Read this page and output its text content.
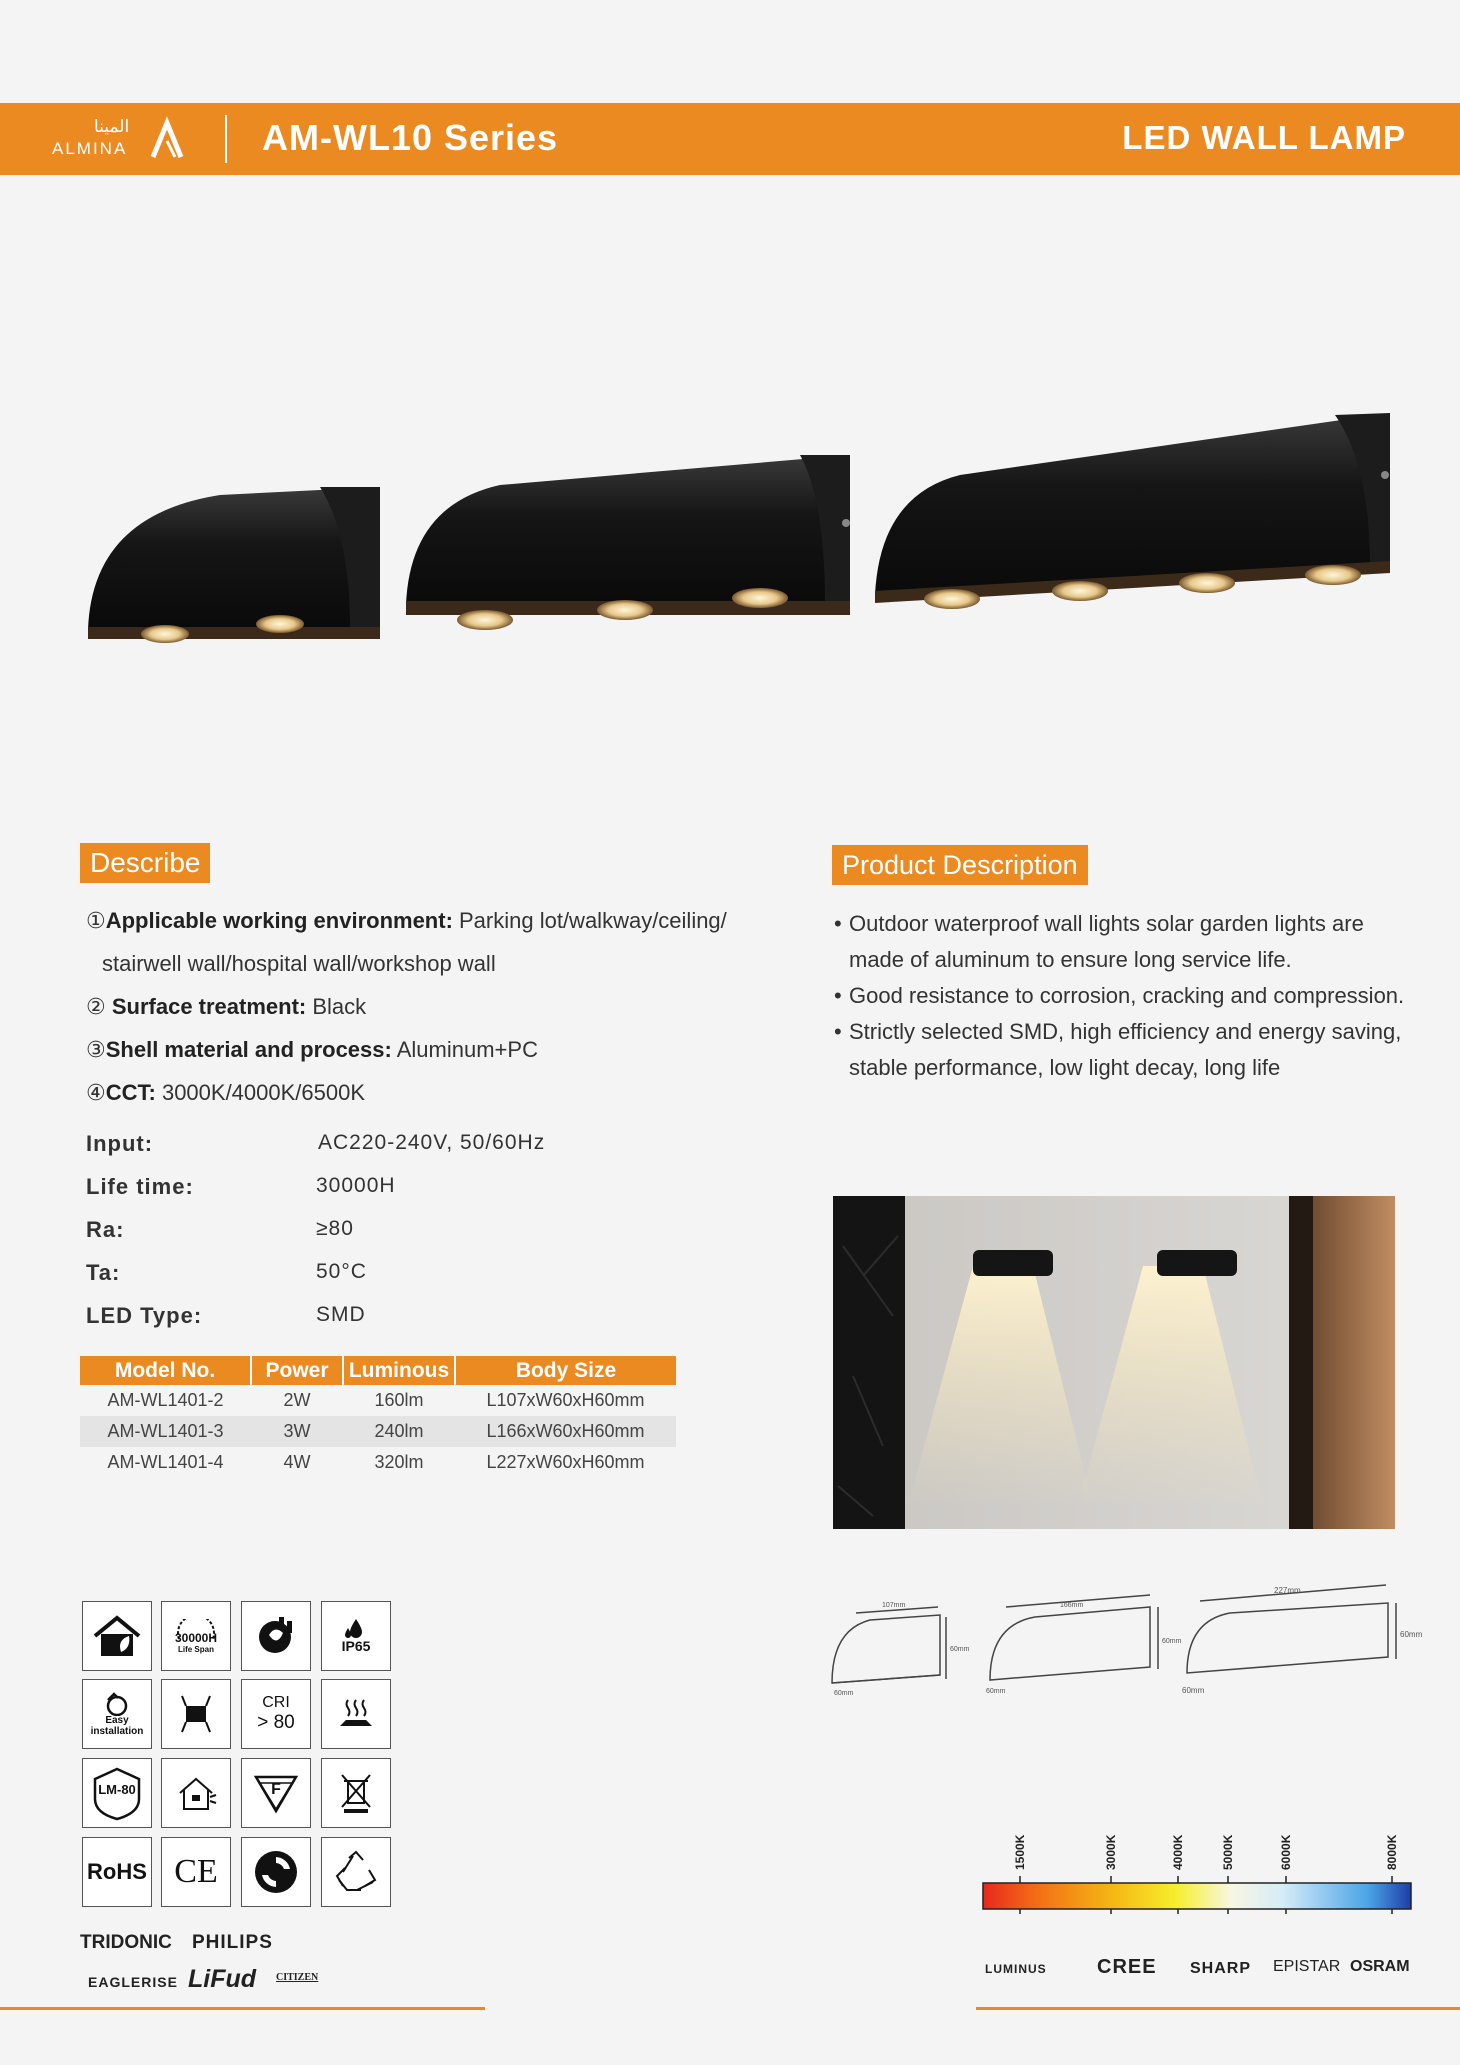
المينا
ALMINA	AM-WL10 Series	LED WALL LAMP
Describe
①Applicable working environment: Parking lot/walkway/ceiling/
stairwell wall/hospital wall/workshop wall
② Surface treatment: Black
③Shell material and process: Aluminum+PC
④CCT: 3000K/4000K/6500K
Input:	AC220-240V, 50/60Hz
Life time:	30000H
Ra:	≥80
Ta:	50°C
LED Type:	SMD
Model No.	Power	Luminous	Body Size
AM-WL1401-2	2W	160lm	L107xW60xH60mm
AM-WL1401-3	3W	240lm	L166xW60xH60mm
AM-WL1401-4	4W	320lm	L227xW60xH60mm
Product Description
• Outdoor waterproof wall lights solar garden lights are
made of aluminum to ensure long service life.
• Good resistance to corrosion, cracking and compression.
• Strictly selected SMD, high efficiency and energy saving,
stable performance, low light decay, long life
30000H
Life Span	IP65
Easy
installation
CRI
> 80
LM-80	F
RoHS CE
TRIDONIC PHILIPS
EAGLERISE LiFud CITIZEN
107mm
60mm
60mm
166mm
60mm
60mm
227mm
60mm
60mm
1500K	3000K	4000K	5000K	6000K	8000K
LUMINUS	CREE SHARP EPISTAR OSRAM
